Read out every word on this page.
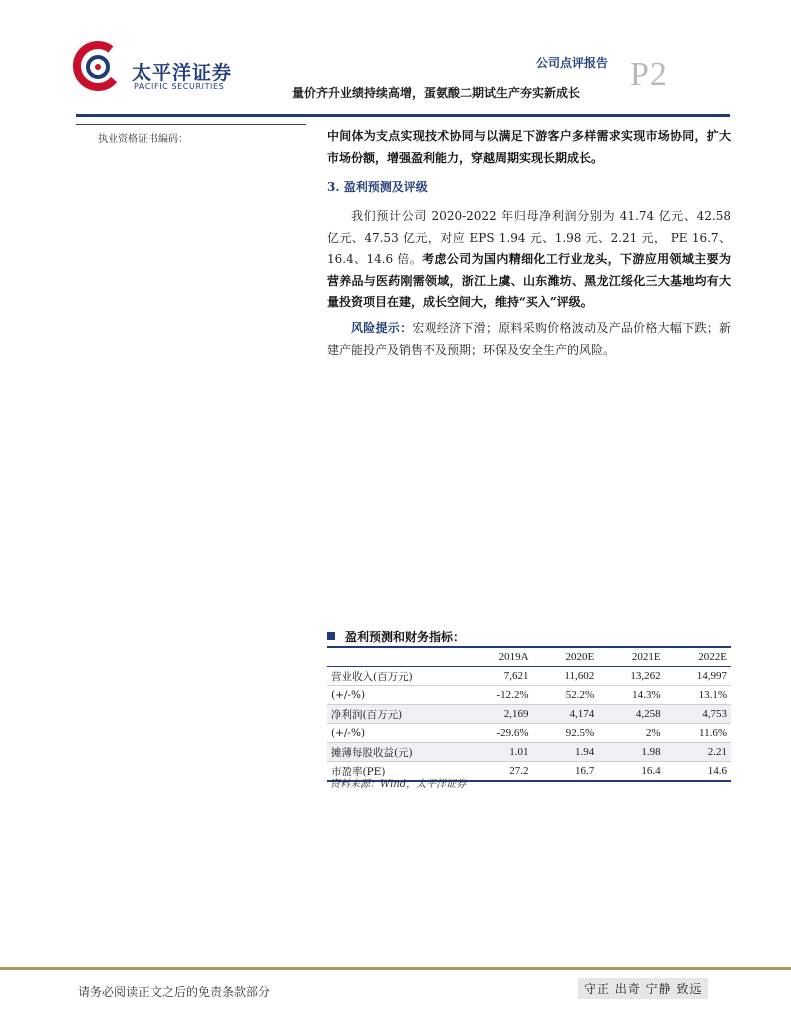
太平洋证券
PACIFIC SECURITIES
公司点评报告 P2
量价齐升业绩持续高增，蛋氨酸二期试生产夯实新成长
执业资格证书编码：	中间体为支点实现技术协同与以满足下游客户多样需求实现市场协同，扩大市场份额，增强盈利能力，穿越周期实现长期成长。
3. 盈利预测及评级
我们预计公司 2020-2022 年归母净利润分别为 41.74 亿元、42.58 亿元、47.53 亿元，对应 EPS 1.94 元、1.98 元、2.21 元， PE 16.7、16.4、14.6 倍。考虑公司为国内精细化工行业龙头，下游应用领域主要为营养品与医药刚需领域，浙江上虞、山东潍坊、黑龙江绥化三大基地均有大量投资项目在建，成长空间大，维持“买入”评级。
风险提示：宏观经济下滑；原料采购价格波动及产品价格大幅下跌；新建产能投产及销售不及预期；环保及安全生产的风险。
盈利预测和财务指标：
	2019A	2020E	2021E	2022E
营业收入(百万元)	7,621	11,602	13,262	14,997
(+/-%)	-12.2%	52.2%	14.3%	13.1%
净利润(百万元)	2,169	4,174	4,258	4,753
(+/-%)	-29.6%	92.5%	2%	11.6%
摊薄每股收益(元)	1.01	1.94	1.98	2.21
市盈率(PE)	27.2	16.7	16.4	14.6
资料来源：Wind，太平洋证券
请务必阅读正文之后的免责条款部分	守正 出奇 宁静 致远
